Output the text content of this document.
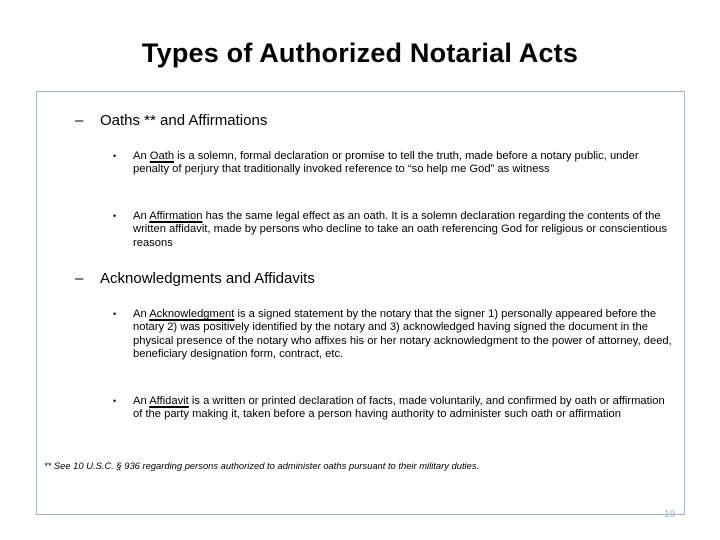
Types of Authorized Notarial Acts
– Oaths ** and Affirmations
• An Oath is a solemn, formal declaration or promise to tell the truth, made before a notary public, under penalty of perjury that traditionally invoked reference to “so help me God” as witness
• An Affirmation has the same legal effect as an oath. It is a solemn declaration regarding the contents of the written affidavit, made by persons who decline to take an oath referencing God for religious or conscientious reasons
– Acknowledgments and Affidavits
• An Acknowledgment is a signed statement by the notary that the signer 1) personally appeared before the notary 2) was positively identified by the notary and 3) acknowledged having signed the document in the physical presence of the notary who affixes his or her notary acknowledgment to the power of attorney, deed, beneficiary designation form, contract, etc.
• An Affidavit is a written or printed declaration of facts, made voluntarily, and confirmed by oath or affirmation of the party making it, taken before a person having authority to administer such oath or affirmation
** See 10 U.S.C. § 936 regarding persons authorized to administer oaths pursuant to their military duties.
19
